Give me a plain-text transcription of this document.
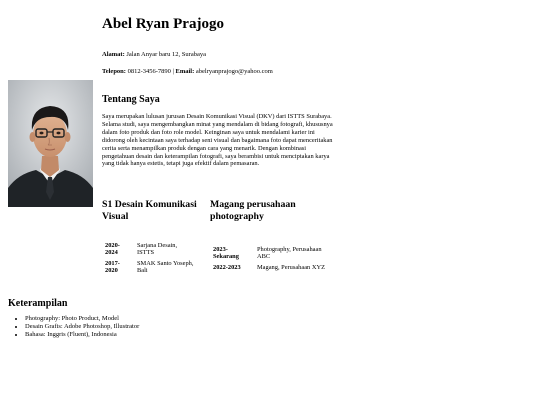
Abel Ryan Prajogo
Alamat: Jalan Anyar baru 12, Surabaya
Telepon: 0812-3456-7890 | Email: abelryanprajogo@yahoo.com
Tentang Saya

Saya merupakan lulusan jurusan Desain Komunikasi Visual (DKV) dari ISTTS Surabaya. Selama studi, saya mengembangkan minat yang mendalam di bidang fotografi, khususnya dalam foto produk dan foto role model. Keinginan saya untuk mendalami karier ini didorong oleh kecintaan saya terhadap seni visual dan bagaimana foto dapat menceritakan cerita serta menampilkan produk dengan cara yang menarik. Dengan kombinasi pengetahuan desain dan keterampilan fotografi, saya berambisi untuk menciptakan karya yang tidak hanya estetis, tetapi juga efektif dalam pemasaran.

S1 Desain Komunikasi Visual
Magang perusahaan photography
2020-2024	Sarjana Desain, ISTTS
2017-2020	SMAK Santo Yoseph, Bali
2023-Sekarang	Photography, Perusahaan ABC
2022-2023	Magang, Perusahaan XYZ
Keterampilan
• Photography: Photo Product, Model
• Desain Grafis: Adobe Photoshop, Illustrator
• Bahasa: Inggris (Fluent), Indonesia
